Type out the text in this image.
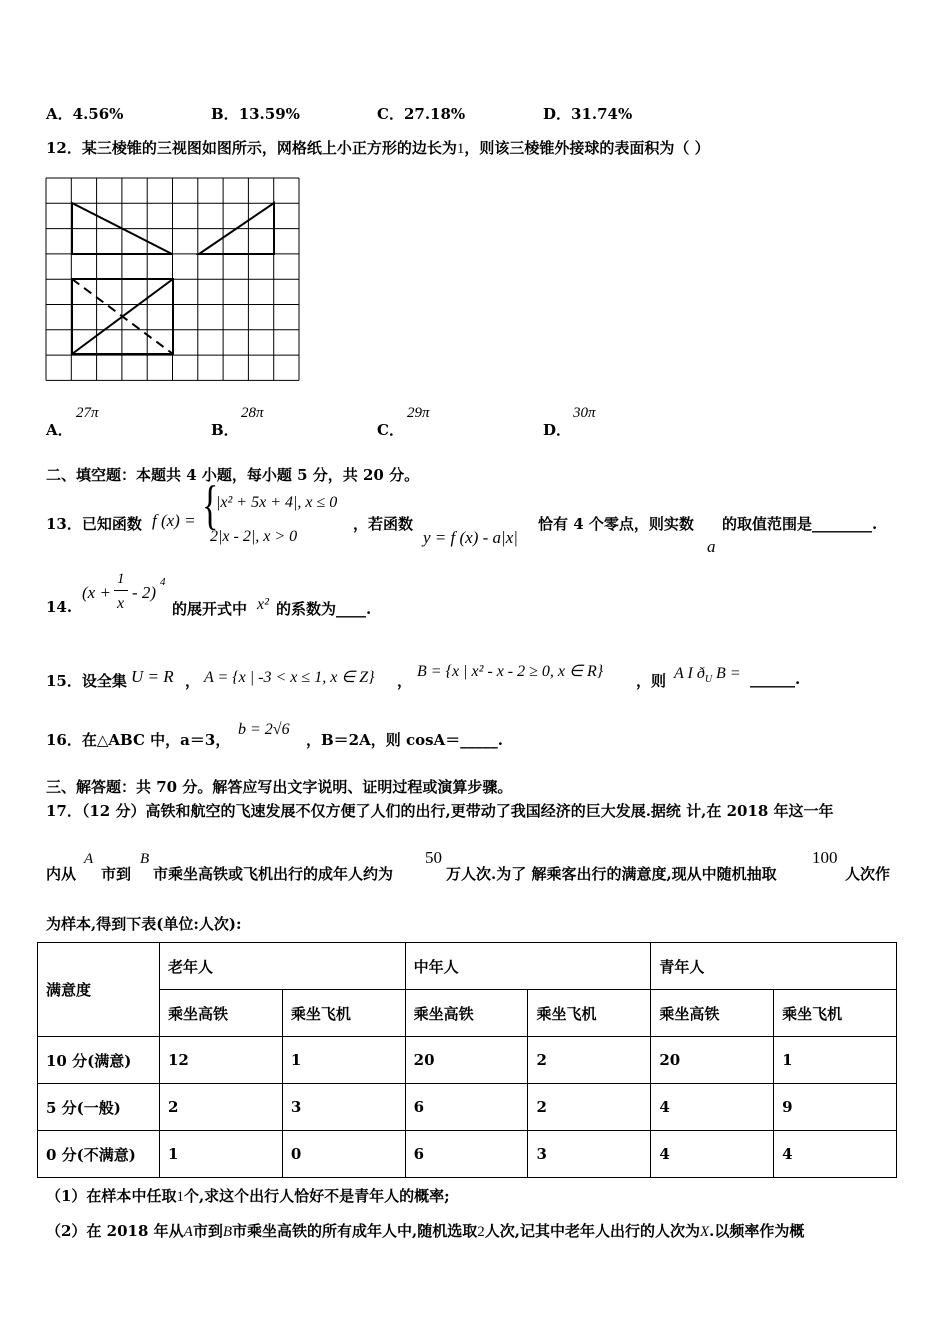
A．4.56%	B．13.59%	C．27.18%	D．31.74%
12．某三棱锥的三视图如图所示，网格纸上小正方形的边长为1，则该三棱锥外接球的表面积为（ ）
A．
27π
B．
28π
C．
29π
D．
30π
二、填空题：本题共 4 小题，每小题 5 分，共 20 分。
13．已知函数 f (x) = {
|x² + 5x + 4|, x ≤ 0
2|x - 2|, x > 0
，若函数
y = f (x) - a|x|
恰有 4 个零点，则实数
a
的取值范围是________.
14.
(x +
1
x
- 2)
4
的展开式中 x² 的系数为____.
15．设全集 U = R ， A = {x | -3 < x ≤ 1, x ∈ Z} ，
B = {x | x² - x - 2 ≥ 0, x ∈ R}
，则 A I $ð_U$ B = ______.
16．在△ABC 中，a＝3，
b = 2√6
，B＝2A，则 cosA＝_____.
三、解答题：共 70 分。解答应写出文字说明、证明过程或演算步骤。
17．（12 分）高铁和航空的飞速发展不仅方便了人们的出行,更带动了我国经济的巨大发展.据统 计,在 2018 年这一年
内从
A
市到
B
市乘坐高铁或飞机出行的成年人约为
50
万人次.为了 解乘客出行的满意度,现从中随机抽取
100
人次作
为样本,得到下表(单位:人次):
满意度	老年人		中年人		青年人	
	乘坐高铁	乘坐飞机	乘坐高铁	乘坐飞机	乘坐高铁	乘坐飞机
10 分(满意)	12	1	20	2	20	1
5 分(一般)	2	3	6	2	4	9
0 分(不满意)	1	0	6	3	4	4
（1）在样本中任取1个,求这个出行人恰好不是青年人的概率;
（2）在 2018 年从A市到B市乘坐高铁的所有成年人中,随机选取2人次,记其中老年人出行的人次为X.以频率作为概
